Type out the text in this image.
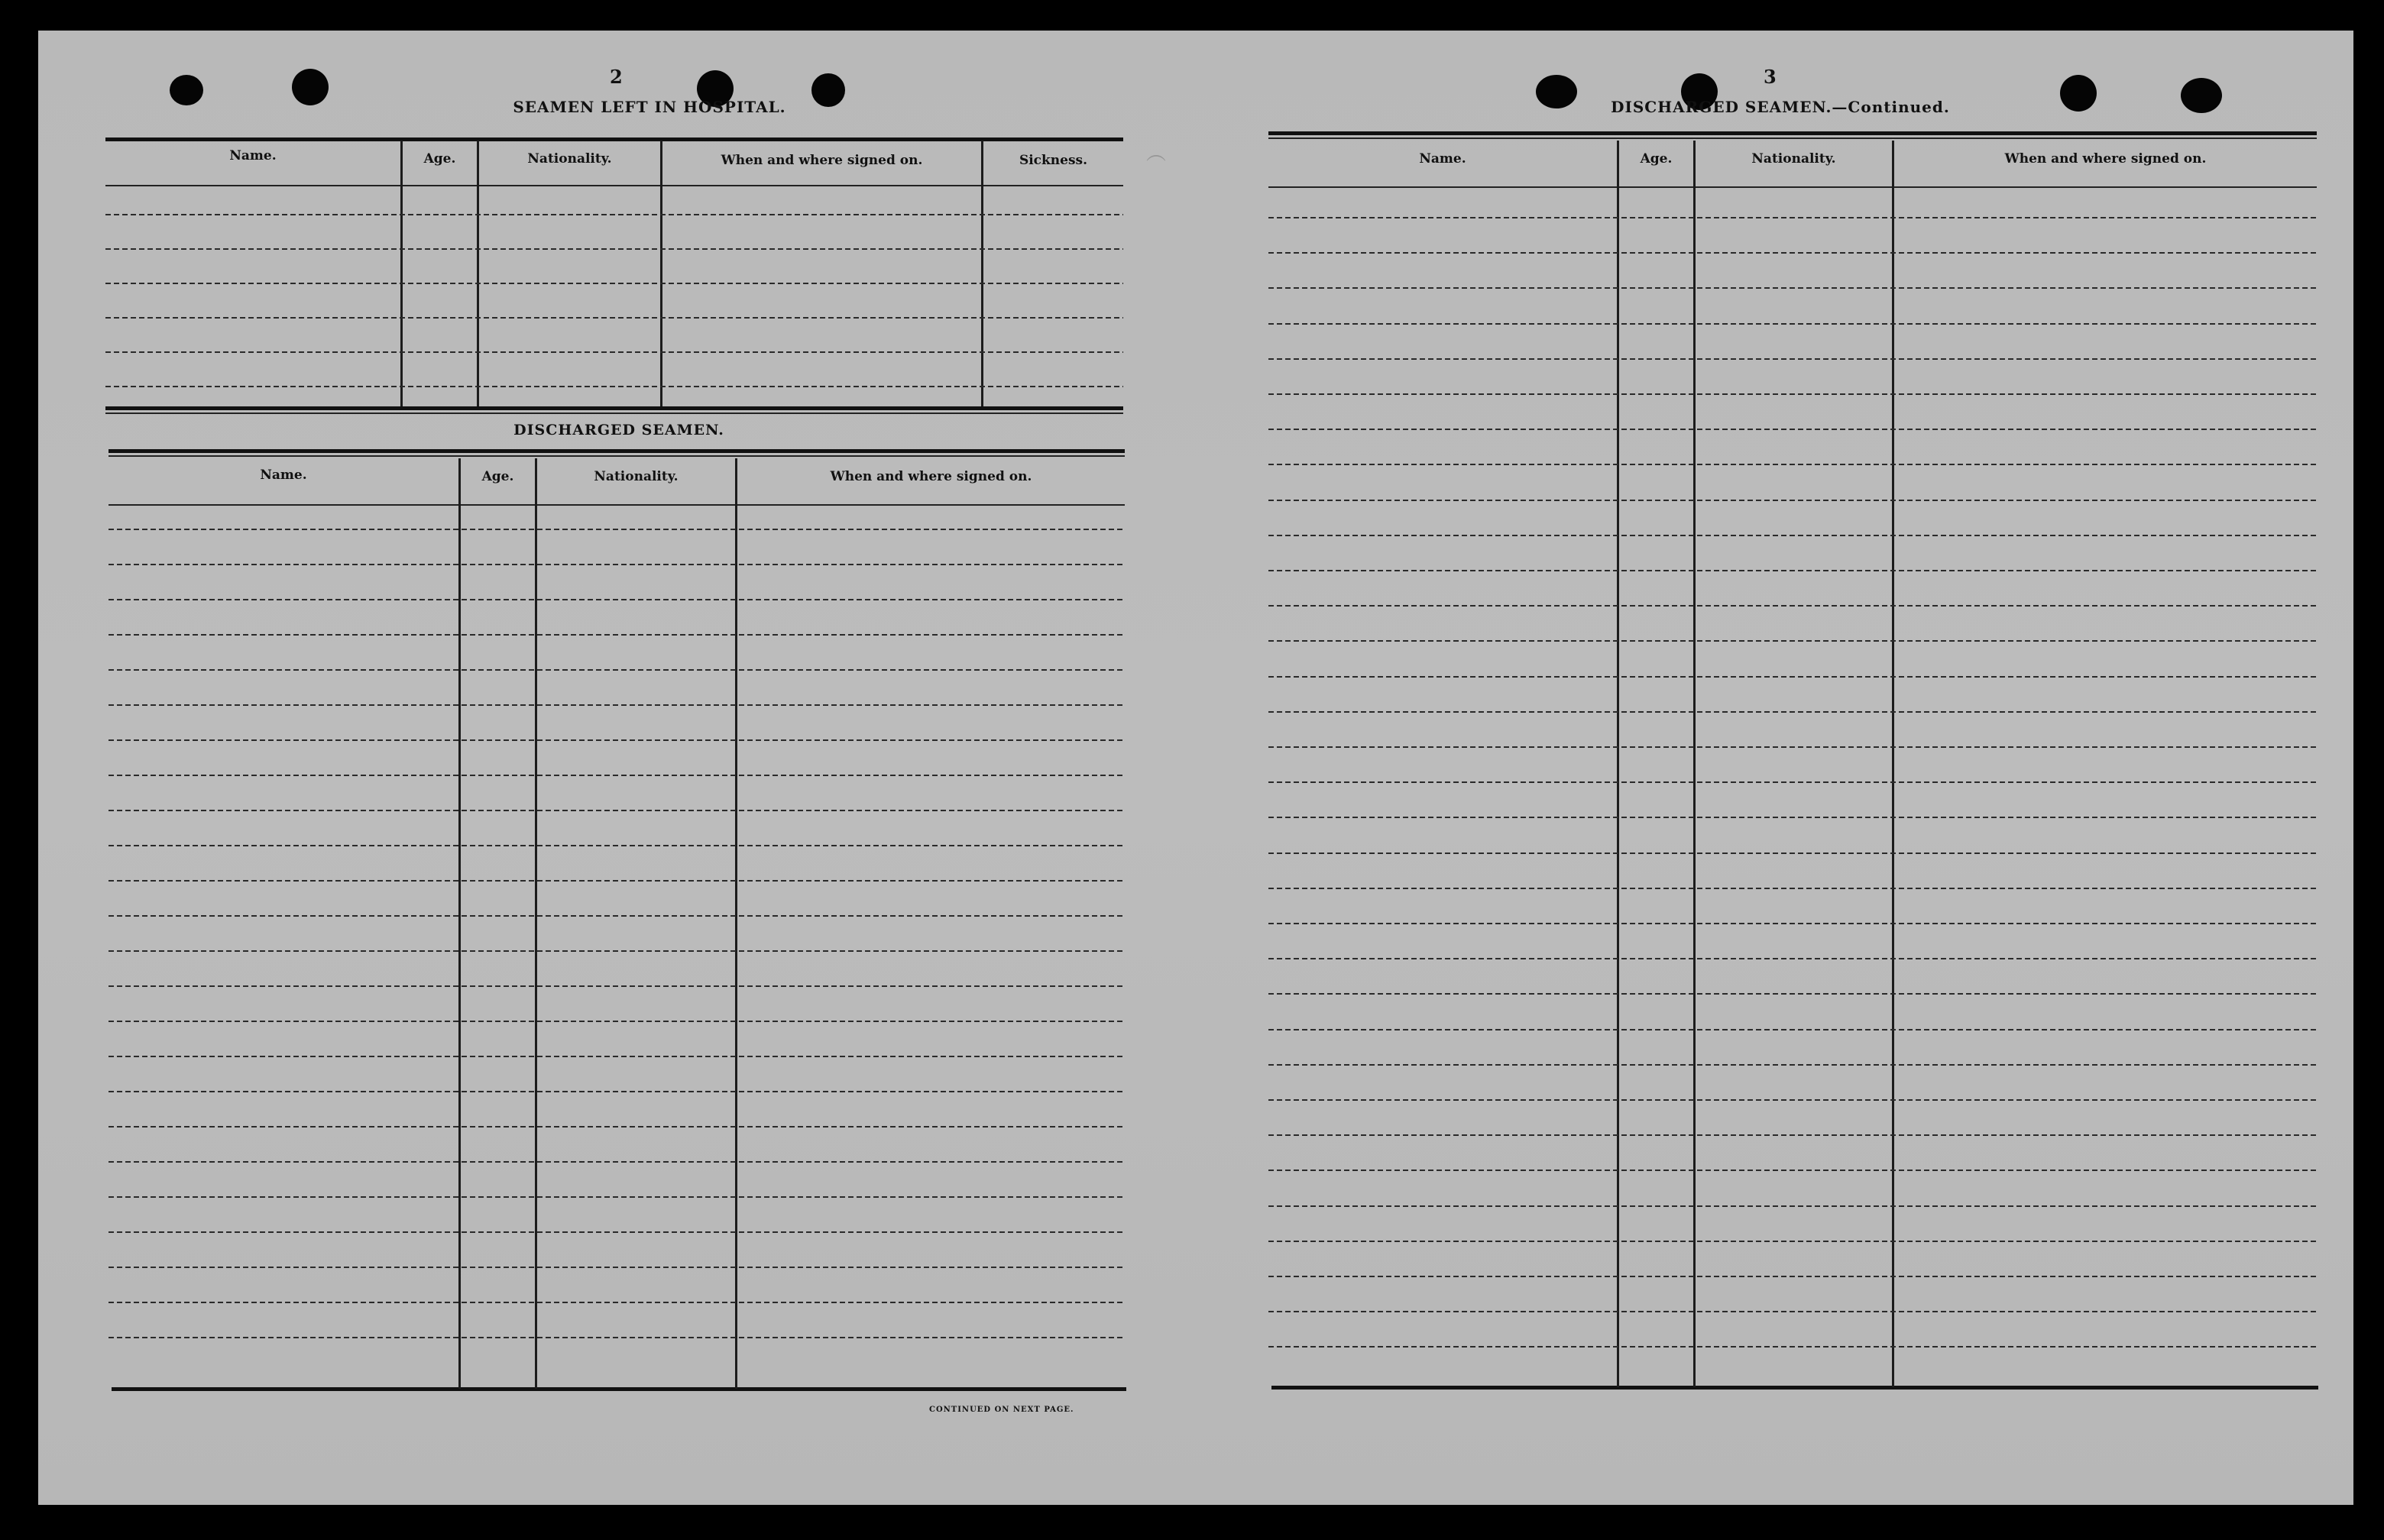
︵
2
SEAMEN LEFT IN HOSPITAL.
Name.	Age.	Nationality.	When and where signed on.	Sickness.
DISCHARGED SEAMEN.
Name.	Age.	Nationality.	When and where signed on.
CONTINUED ON NEXT PAGE.
3
DISCHARGED SEAMEN.—Continued.
Name.	Age.	Nationality.	When and where signed on.
